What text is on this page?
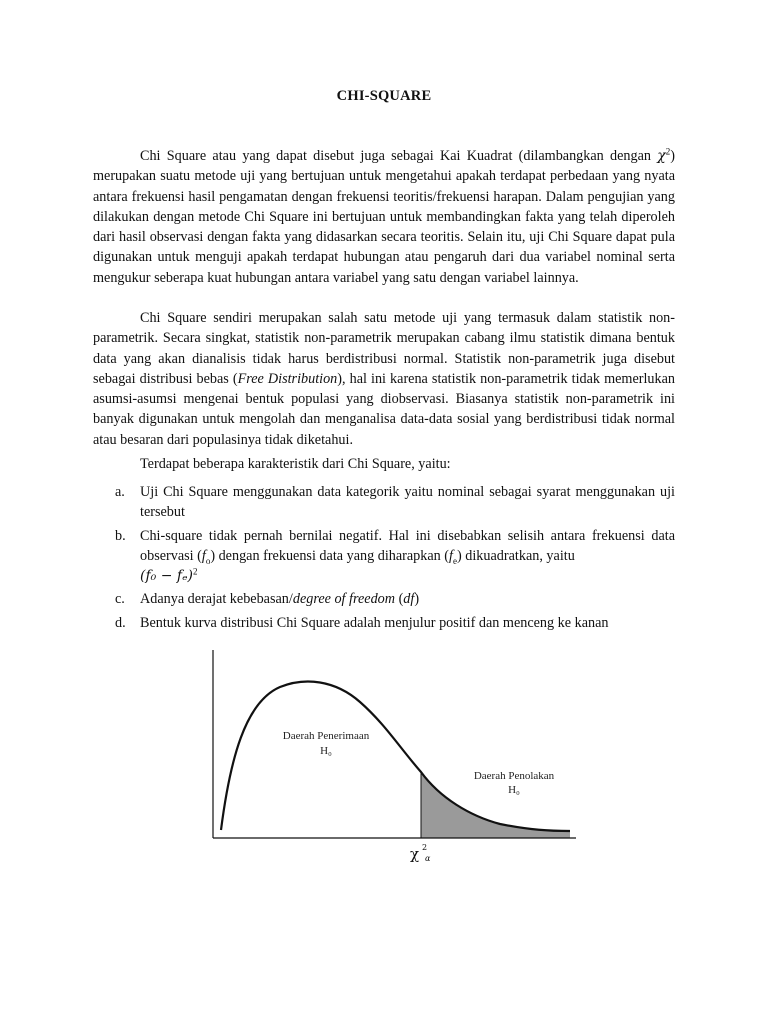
CHI-SQUARE

Chi Square atau yang dapat disebut juga sebagai Kai Kuadrat (dilambangkan dengan $\chi^2$) merupakan suatu metode uji yang bertujuan untuk mengetahui apakah terdapat perbedaan yang nyata antara frekuensi hasil pengamatan dengan frekuensi teoritis/frekuensi harapan. Dalam pengujian yang dilakukan dengan metode Chi Square ini bertujuan untuk membandingkan fakta yang telah diperoleh dari hasil observasi dengan fakta yang didasarkan secara teoritis. Selain itu, uji Chi Square dapat pula digunakan untuk menguji apakah terdapat hubungan atau pengaruh dari dua variabel nominal serta mengukur seberapa kuat hubungan antara variabel yang satu dengan variabel lainnya.

Chi Square sendiri merupakan salah satu metode uji yang termasuk dalam statistik non-parametrik. Secara singkat, statistik non-parametrik merupakan cabang ilmu statistik dimana bentuk data yang akan dianalisis tidak harus berdistribusi normal. Statistik non-parametrik juga disebut sebagai distribusi bebas (Free Distribution), hal ini karena statistik non-parametrik tidak memerlukan asumsi-asumsi mengenai bentuk populasi yang diobservasi. Biasanya statistik non-parametrik ini banyak digunakan untuk mengolah dan menganalisa data-data sosial yang berdistribusi tidak normal atau besaran dari populasinya tidak diketahui.

Terdapat beberapa karakteristik dari Chi Square, yaitu:

a. Uji Chi Square menggunakan data kategorik yaitu nominal sebagai syarat menggunakan uji tersebut
b. Chi-square tidak pernah bernilai negatif. Hal ini disebabkan selisih antara frekuensi data observasi $(f_o)$ dengan frekuensi data yang diharapkan $(f_e)$ dikuadratkan, yaitu
(𝑓₀ − 𝑓ₑ)$^2$
c. Adanya derajat kebebasan/degree of freedom (df)
d. Bentuk kurva distribusi Chi Square adalah menjulur positif dan menceng ke kanan
Daerah Penerimaan
H₀
Daerah Penolakan
H₀
χ 2
α
